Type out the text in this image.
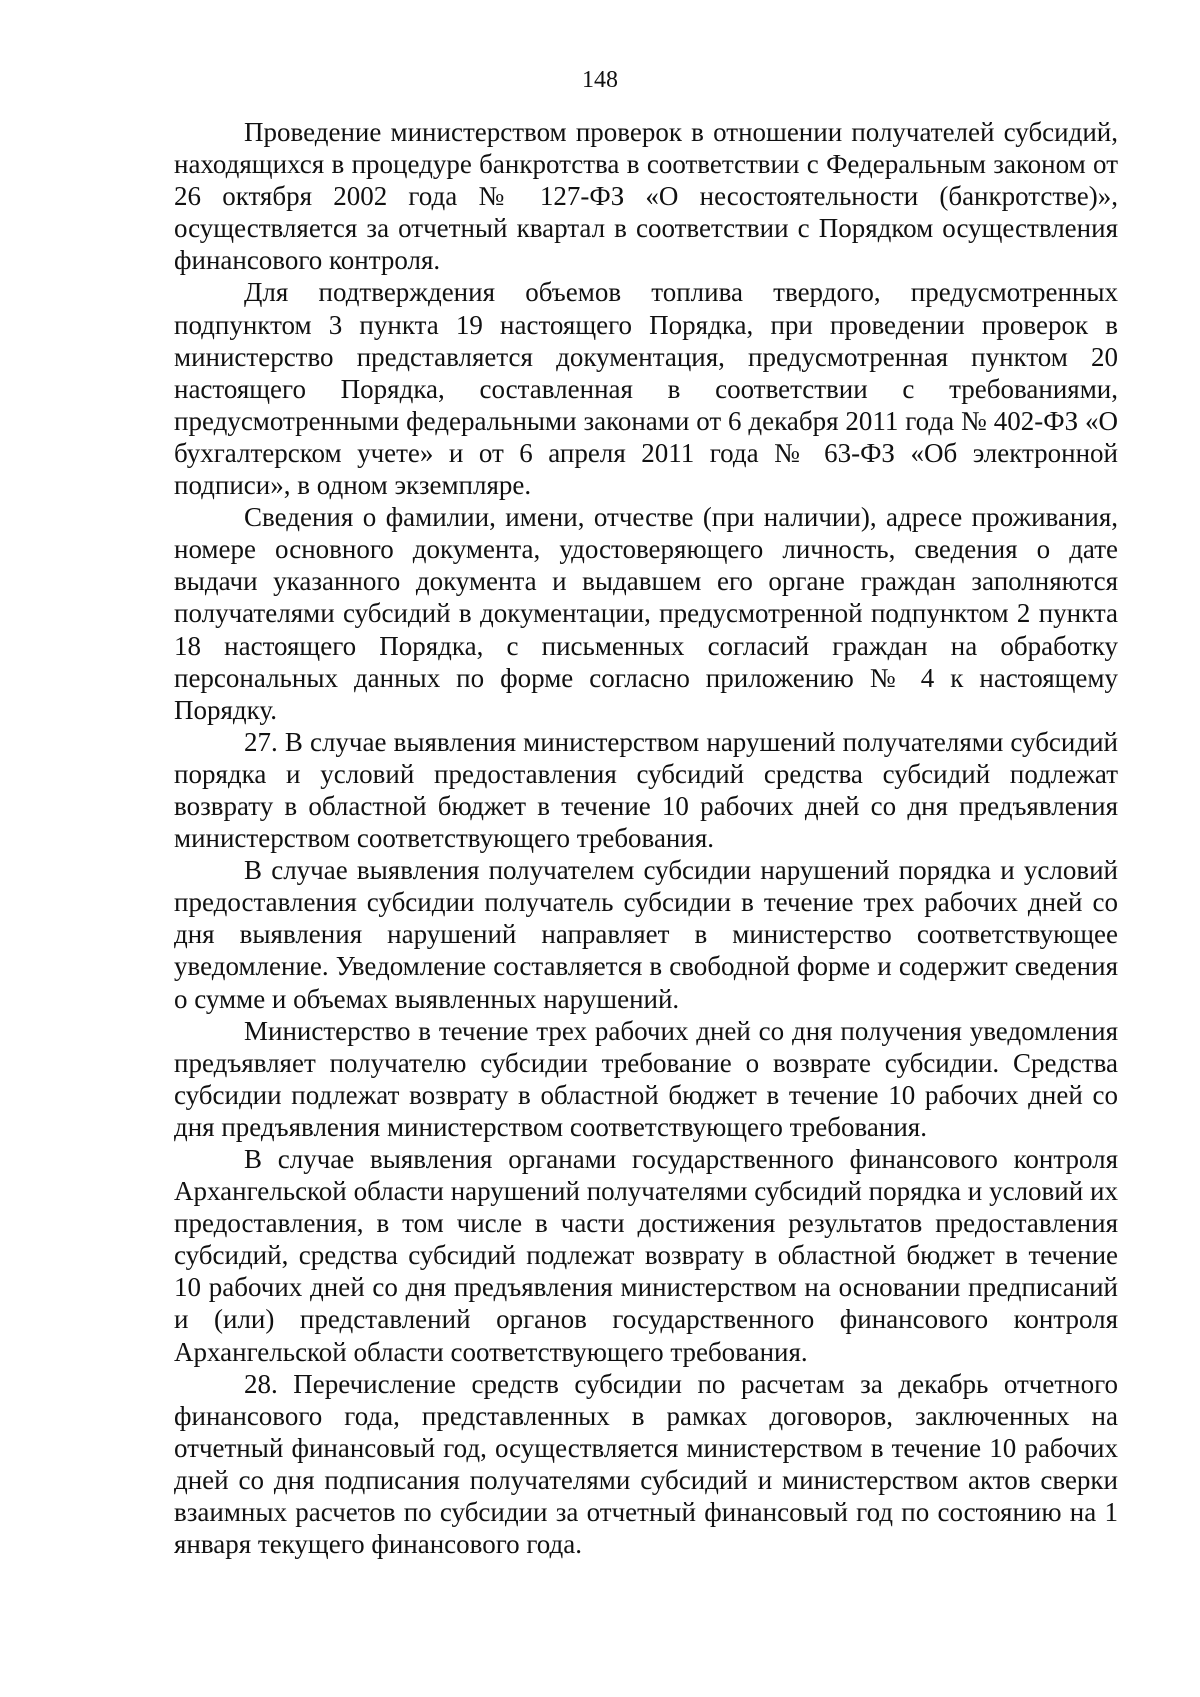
148

Проведение министерством проверок в отношении получателей субсидий, находящихся в процедуре банкротства в соответствии с Федеральным законом от 26 октября 2002 года № 127-ФЗ «О несостоятельности (банкротстве)», осуществляется за отчетный квартал в соответствии с Порядком осуществления финансового контроля.

Для подтверждения объемов топлива твердого, предусмотренных подпунктом 3 пункта 19 настоящего Порядка, при проведении проверок в министерство представляется документация, предусмотренная пунктом 20 настоящего Порядка, составленная в соответствии с требованиями, предусмотренными федеральными законами от 6 декабря 2011 года № 402-ФЗ «О бухгалтерском учете» и от 6 апреля 2011 года № 63-ФЗ «Об электронной подписи», в одном экземпляре.

Сведения о фамилии, имени, отчестве (при наличии), адресе проживания, номере основного документа, удостоверяющего личность, сведения о дате выдачи указанного документа и выдавшем его органе граждан заполняются получателями субсидий в документации, предусмотренной подпунктом 2 пункта 18 настоящего Порядка, с письменных согласий граждан на обработку персональных данных по форме согласно приложению № 4 к настоящему Порядку.

27. В случае выявления министерством нарушений получателями субсидий порядка и условий предоставления субсидий средства субсидий подлежат возврату в областной бюджет в течение 10 рабочих дней со дня предъявления министерством соответствующего требования.

В случае выявления получателем субсидии нарушений порядка и условий предоставления субсидии получатель субсидии в течение трех рабочих дней со дня выявления нарушений направляет в министерство соответствующее уведомление. Уведомление составляется в свободной форме и содержит сведения о сумме и объемах выявленных нарушений.

Министерство в течение трех рабочих дней со дня получения уведомления предъявляет получателю субсидии требование о возврате субсидии. Средства субсидии подлежат возврату в областной бюджет в течение 10 рабочих дней со дня предъявления министерством соответствующего требования.

В случае выявления органами государственного финансового контроля Архангельской области нарушений получателями субсидий порядка и условий их предоставления, в том числе в части достижения результатов предоставления субсидий, средства субсидий подлежат возврату в областной бюджет в течение 10 рабочих дней со дня предъявления министерством на основании предписаний и (или) представлений органов государственного финансового контроля Архангельской области соответствующего требования.

28. Перечисление средств субсидии по расчетам за декабрь отчетного финансового года, представленных в рамках договоров, заключенных на отчетный финансовый год, осуществляется министерством в течение 10 рабочих дней со дня подписания получателями субсидий и министерством актов сверки взаимных расчетов по субсидии за отчетный финансовый год по состоянию на 1 января текущего финансового года.
